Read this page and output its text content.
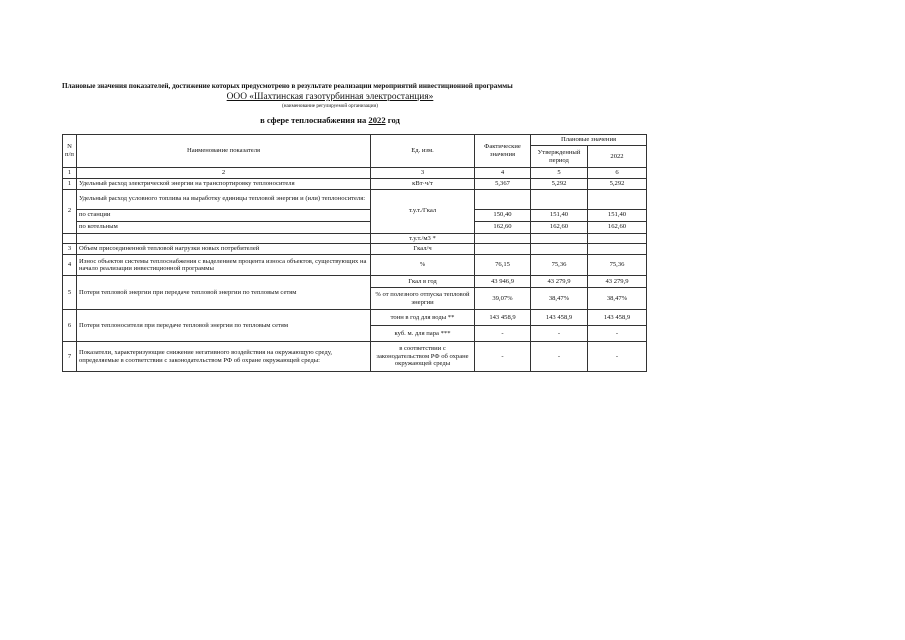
Плановые значения показателей, достижение которых предусмотрено в результате реализации мероприятий инвестиционной программы
ООО «Шахтинская газотурбинная электростанция»
(наименование регулируемой организации)
в сфере теплоснабжения на 2022 год
N п/п	Наименование показателя	Ед. изм.	Фактические значения	Плановые значения	
				Утвержденный период	2022

1	2	3	4	5	6
1	Удельный расход электрической энергии на транспортировку теплоносителя	кВт·ч/т	5,367	5,292	5,292
2	Удельный расход условного топлива на выработку единицы тепловой энергии и (или) теплоносителя:	т.у.т./Гкал			
	по станции		150,40	151,40	151,40
	по котельным		162,60	162,60	162,60
		т.у.т./м3 *			
3	Объем присоединенной тепловой нагрузки новых потребителей	Гкал/ч			
4	Износ объектов системы теплоснабжения с выделением процента износа объектов, существующих на начало реализации инвестиционной программы	%	76,15	75,36	75,36
5	Потери тепловой энергии при передаче тепловой энергии по тепловым сетям	Гкал в год	43 946,9	43 279,9	43 279,9
		% от полезного отпуска тепловой энергии	39,07%	38,47%	38,47%
6	Потери теплоносителя при передаче тепловой энергии по тепловым сетям	тонн в год для воды **	143 458,9	143 458,9	143 458,9
		куб. м. для пара ***	-	-	-
7	Показатели, характеризующие снижение негативного воздействия на окружающую среду, определяемые в соответствии с законодательством РФ об охране окружающей среды:	в соответствии с законодательством РФ об охране окружающей среды	-	-	-
